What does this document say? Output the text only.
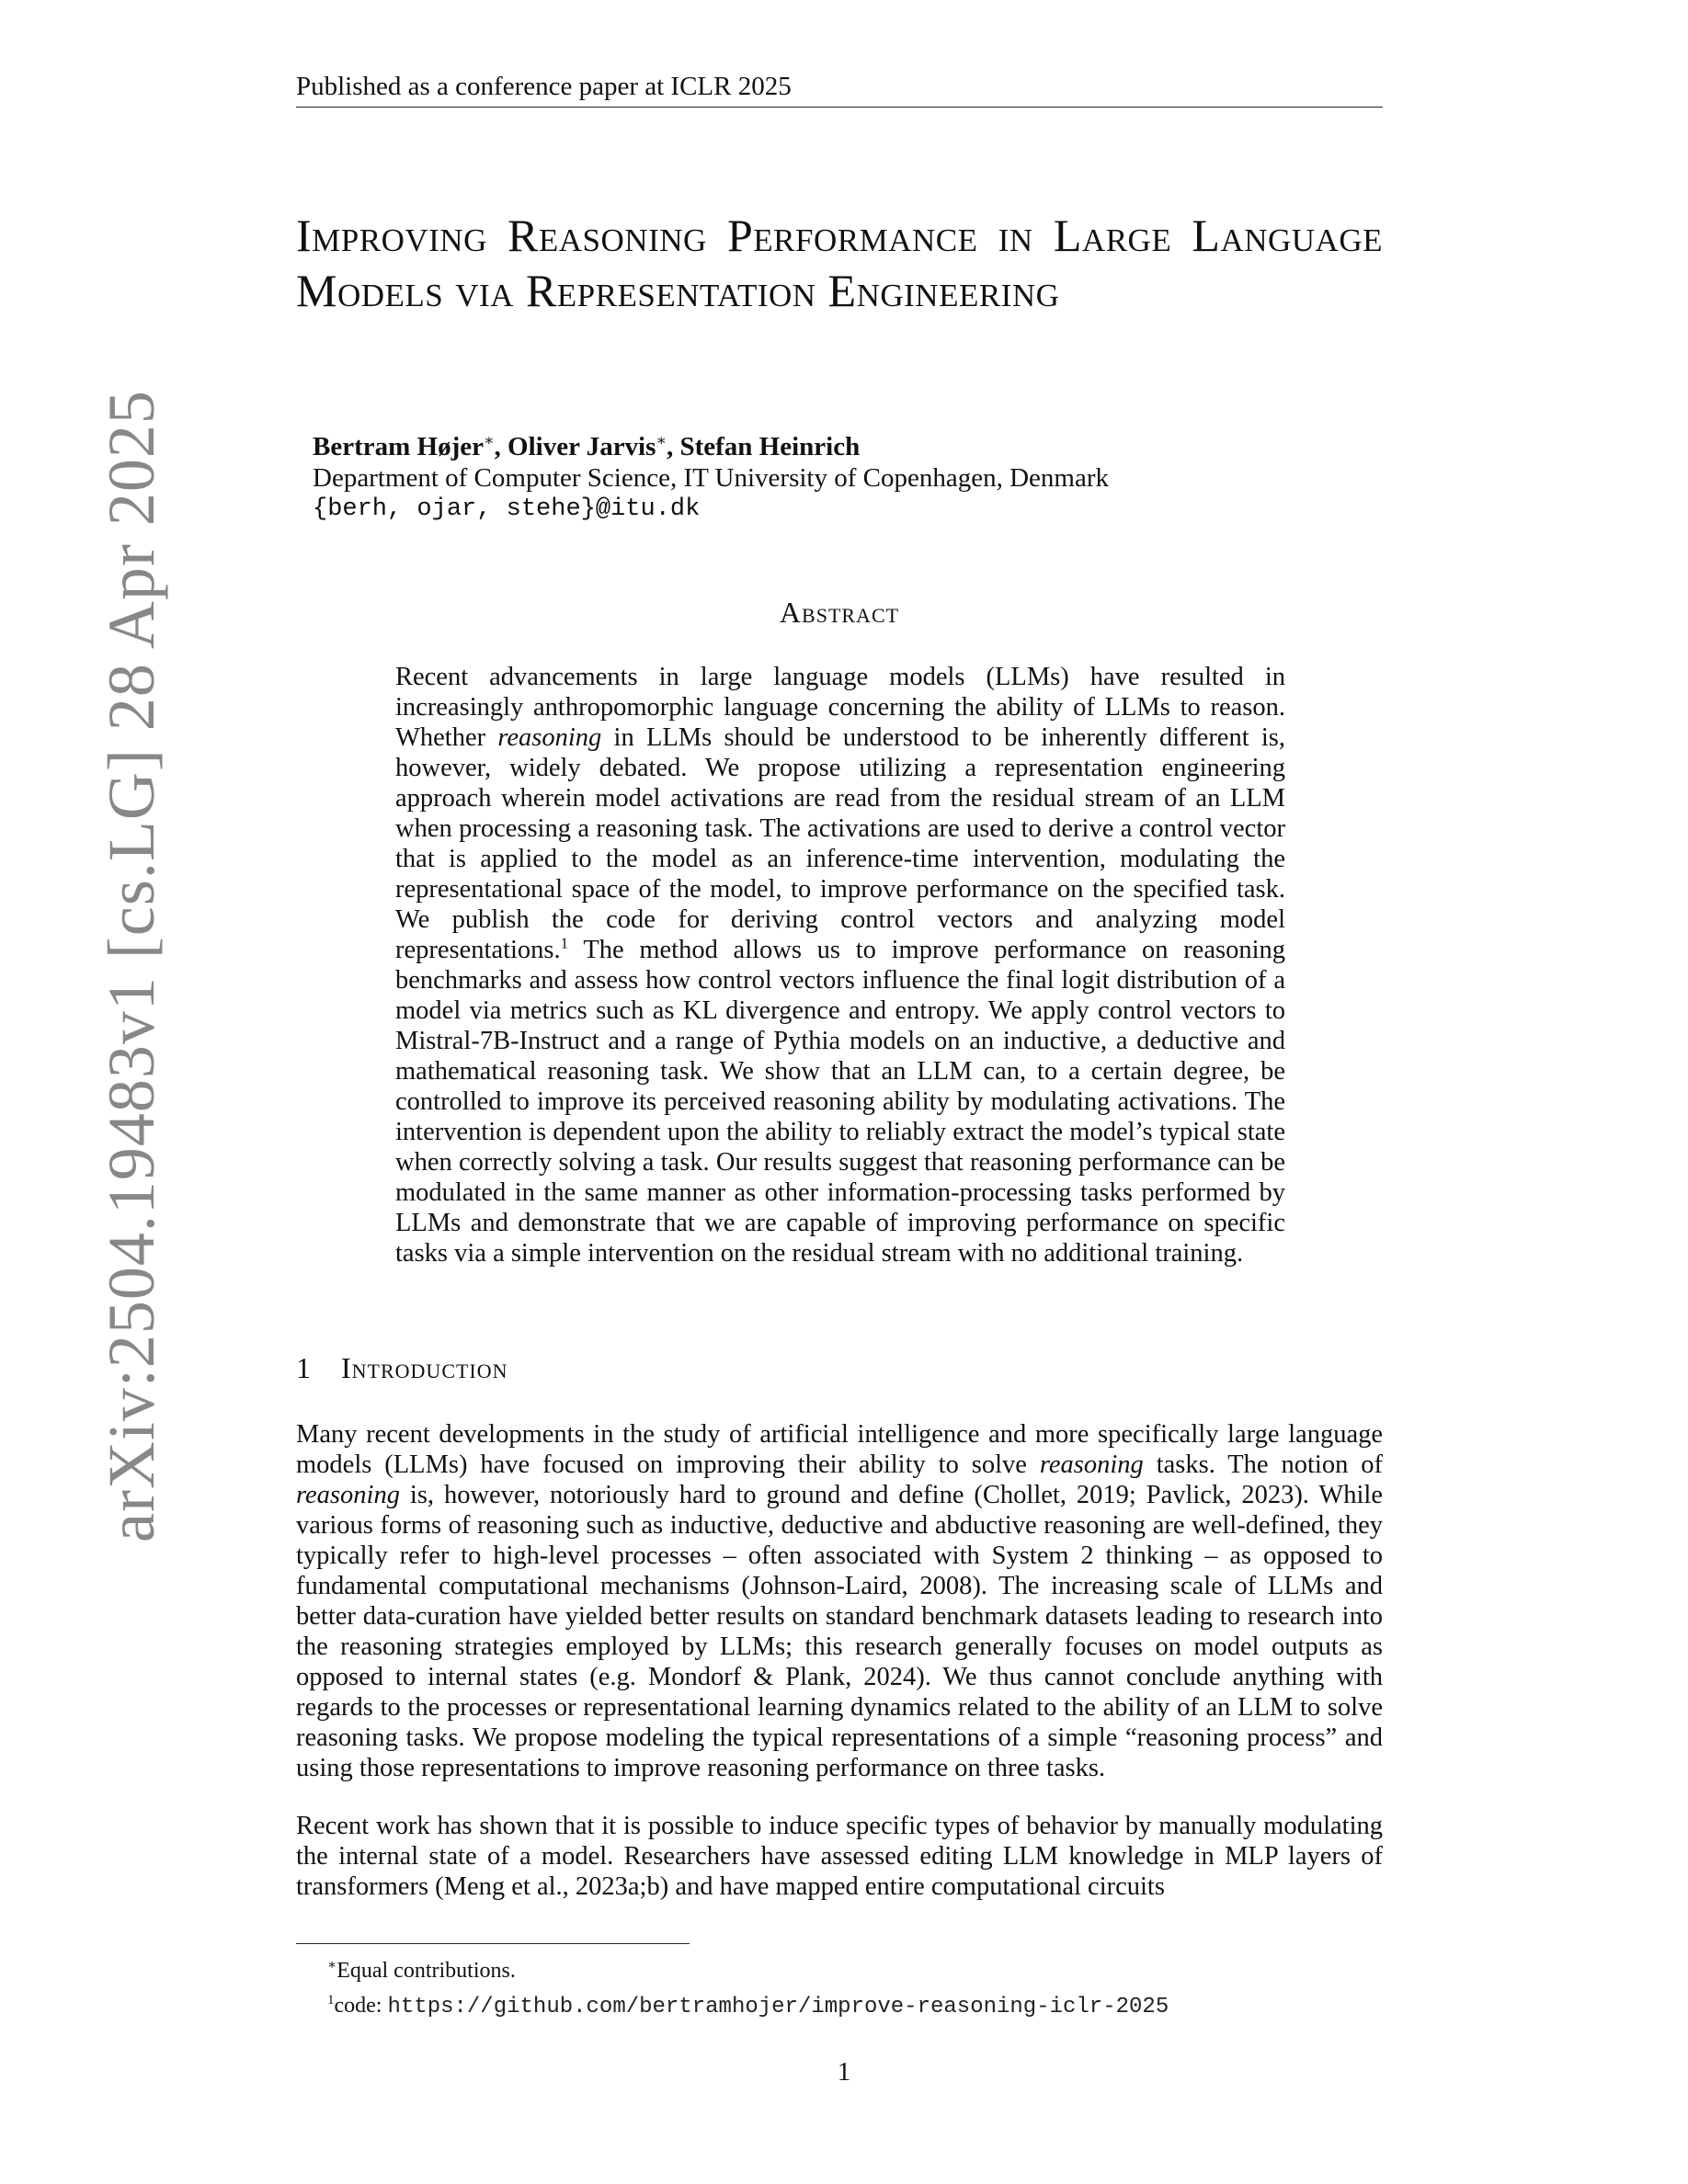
Published as a conference paper at ICLR 2025
arXiv:2504.19483v1 [cs.LG] 28 Apr 2025
Improving Reasoning Performance in Large Language Models via Representation Engineering
Bertram Højer∗, Oliver Jarvis∗, Stefan Heinrich
Department of Computer Science, IT University of Copenhagen, Denmark
{berh, ojar, stehe}@itu.dk
Abstract
Recent advancements in large language models (LLMs) have resulted in increasingly anthropomorphic language concerning the ability of LLMs to reason. Whether reasoning in LLMs should be understood to be inherently different is, however, widely debated. We propose utilizing a representation engineering approach wherein model activations are read from the residual stream of an LLM when processing a reasoning task. The activations are used to derive a control vector that is applied to the model as an inference-time intervention, modulating the representational space of the model, to improve performance on the specified task. We publish the code for deriving control vectors and analyzing model representations.$^1$ The method allows us to improve performance on reasoning benchmarks and assess how control vectors influence the final logit distribution of a model via metrics such as KL divergence and entropy. We apply control vectors to Mistral-7B-Instruct and a range of Pythia models on an inductive, a deductive and mathematical reasoning task. We show that an LLM can, to a certain degree, be controlled to improve its perceived reasoning ability by modulating activations. The intervention is dependent upon the ability to reliably extract the model’s typical state when correctly solving a task. Our results suggest that reasoning performance can be modulated in the same manner as other information-processing tasks performed by LLMs and demonstrate that we are capable of improving performance on specific tasks via a simple intervention on the residual stream with no additional training.
1 Introduction

Many recent developments in the study of artificial intelligence and more specifically large language models (LLMs) have focused on improving their ability to solve reasoning tasks. The notion of reasoning is, however, notoriously hard to ground and define (Chollet, 2019; Pavlick, 2023). While various forms of reasoning such as inductive, deductive and abductive reasoning are well-defined, they typically refer to high-level processes – often associated with System 2 thinking – as opposed to fundamental computational mechanisms (Johnson-Laird, 2008). The increasing scale of LLMs and better data-curation have yielded better results on standard benchmark datasets leading to research into the reasoning strategies employed by LLMs; this research generally focuses on model outputs as opposed to internal states (e.g. Mondorf & Plank, 2024). We thus cannot conclude anything with regards to the processes or representational learning dynamics related to the ability of an LLM to solve reasoning tasks. We propose modeling the typical representations of a simple “reasoning process” and using those representations to improve reasoning performance on three tasks.

Recent work has shown that it is possible to induce specific types of behavior by manually modulating the internal state of a model. Researchers have assessed editing LLM knowledge in MLP layers of transformers (Meng et al., 2023a;b) and have mapped entire computational circuits

∗Equal contributions.
$^1$code: https://github.com/bertramhojer/improve-reasoning-iclr-2025
1
